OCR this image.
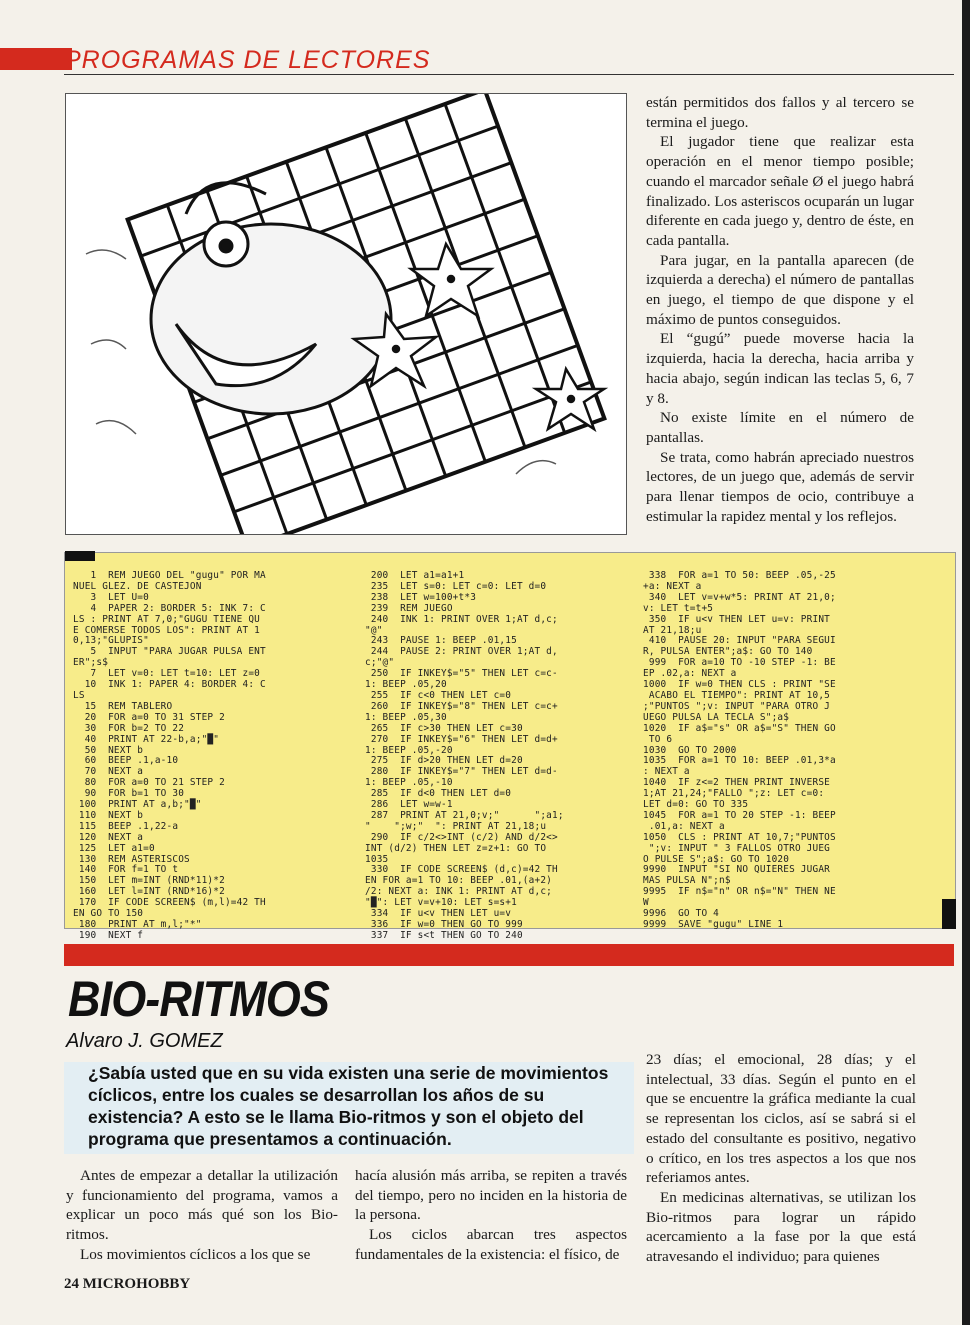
PROGRAMAS DE LECTORES

están permitidos dos fallos y al tercero se termina el juego.

El jugador tiene que realizar esta operación en el menor tiempo posible; cuando el marcador señale Ø el juego habrá finalizado. Los asteriscos ocuparán un lugar diferente en cada juego y, dentro de éste, en cada pantalla.

Para jugar, en la pantalla aparecen (de izquierda a derecha) el número de pantallas en juego, el tiempo de que dispone y el máximo de puntos conseguidos.

El “gugú” puede moverse hacia la izquierda, hacia la derecha, hacia arriba y hacia abajo, según indican las teclas 5, 6, 7 y 8.

No existe límite en el número de pantallas.

Se trata, como habrán apreciado nuestros lectores, de un juego que, además de servir para llenar tiempos de ocio, contribuye a estimular la rapidez mental y los reflejos.

1  REM JUEGO DEL "gugu" POR MA
NUEL GLEZ. DE CASTEJON
3  LET U=0
4  PAPER 2: BORDER 5: INK 7: C
LS : PRINT AT 7,0;"GUGU TIENE QU
E COMERSE TODOS LOS": PRINT AT 1
0,13;"GLUPIS"
5  INPUT "PARA JUGAR PULSA ENT
ER";s$
7  LET v=0: LET t=10: LET z=0
10  INK 1: PAPER 4: BORDER 4: C
LS
15  REM TABLERO
20  FOR a=0 TO 31 STEP 2
30  FOR b=2 TO 22
40  PRINT AT 22-b,a;"█"
50  NEXT b
60  BEEP .1,a-10
70  NEXT a
80  FOR a=0 TO 21 STEP 2
90  FOR b=1 TO 30
100  PRINT AT a,b;"█"
110  NEXT b
115  BEEP .1,22-a
120  NEXT a
125  LET a1=0
130  REM ASTERISCOS
140  FOR f=1 TO t
150  LET m=INT (RND*11)*2
160  LET l=INT (RND*16)*2
170  IF CODE SCREEN$ (m,l)=42 TH
EN GO TO 150
180  PRINT AT m,l;"*"
190  NEXT f
200  LET a1=a1+1
235  LET s=0: LET c=0: LET d=0
238  LET w=100+t*3
239  REM JUEGO
240  INK 1: PRINT OVER 1;AT d,c;
"@"
243  PAUSE 1: BEEP .01,15
244  PAUSE 2: PRINT OVER 1;AT d,
c;"@"
250  IF INKEY$="5" THEN LET c=c-
1: BEEP .05,20
255  IF c<0 THEN LET c=0
260  IF INKEY$="8" THEN LET c=c+
1: BEEP .05,30
265  IF c>30 THEN LET c=30
270  IF INKEY$="6" THEN LET d=d+
1: BEEP .05,-20
275  IF d>20 THEN LET d=20
280  IF INKEY$="7" THEN LET d=d-
1: BEEP .05,-10
285  IF d<0 THEN LET d=0
286  LET w=w-1
287  PRINT AT 21,0;v;"      ";a1;
"    ";w;"  ": PRINT AT 21,18;u
290  IF c/2<>INT (c/2) AND d/2<>
INT (d/2) THEN LET z=z+1: GO TO
1035
330  IF CODE SCREEN$ (d,c)=42 TH
EN FOR a=1 TO 10: BEEP .01,(a+2)
/2: NEXT a: INK 1: PRINT AT d,c;
"█": LET v=v+10: LET s=s+1
334  IF u<v THEN LET u=v
336  IF w=0 THEN GO TO 999
337  IF s<t THEN GO TO 240
338  FOR a=1 TO 50: BEEP .05,-25
+a: NEXT a
340  LET v=v+w*5: PRINT AT 21,0;
v: LET t=t+5
350  IF u<v THEN LET u=v: PRINT
AT 21,18;u
410  PAUSE 20: INPUT "PARA SEGUI
R, PULSA ENTER";a$: GO TO 140
999  FOR a=10 TO -10 STEP -1: BE
EP .02,a: NEXT a
1000  IF w=0 THEN CLS : PRINT "SE
ACABO EL TIEMPO": PRINT AT 10,5
;"PUNTOS ";v: INPUT "PARA OTRO J
UEGO PULSA LA TECLA S";a$
1020  IF a$="s" OR a$="S" THEN GO
TO 6
1030  GO TO 2000
1035  FOR a=1 TO 10: BEEP .01,3*a
: NEXT a
1040  IF z<=2 THEN PRINT INVERSE
1;AT 21,24;"FALLO ";z: LET c=0:
LET d=0: GO TO 335
1045  FOR a=1 TO 20 STEP -1: BEEP
.01,a: NEXT a
1050  CLS : PRINT AT 10,7;"PUNTOS
";v: INPUT " 3 FALLOS OTRO JUEG
O PULSE S";a$: GO TO 1020
9990  INPUT "SI NO QUIERES JUGAR
MAS PULSA N";n$
9995  IF n$="n" OR n$="N" THEN NE
W
9996  GO TO 4
9999  SAVE "gugu" LINE 1
BIO-RITMOS
Alvaro J. GOMEZ
¿Sabía usted que en su vida existen una serie de movimientos cíclicos, entre los cuales se desarrollan los años de su existencia? A esto se le llama Bio-ritmos y son el objeto del programa que presentamos a continuación.

Antes de empezar a detallar la utilización y funcionamiento del programa, vamos a explicar un poco más qué son los Bio-ritmos.

Los movimientos cíclicos a los que se

hacía alusión más arriba, se repiten a través del tiempo, pero no inciden en la historia de la persona.

Los ciclos abarcan tres aspectos fundamentales de la existencia: el físico, de

23 días; el emocional, 28 días; y el intelectual, 33 días. Según el punto en el que se encuentre la gráfica mediante la cual se representan los ciclos, así se sabrá si el estado del consultante es positivo, negativo o crítico, en los tres aspectos a los que nos referiamos antes.

En medicinas alternativas, se utilizan los Bio-ritmos para lograr un rápido acercamiento a la fase por la que está atravesando el individuo; para quienes

24 MICROHOBBY
